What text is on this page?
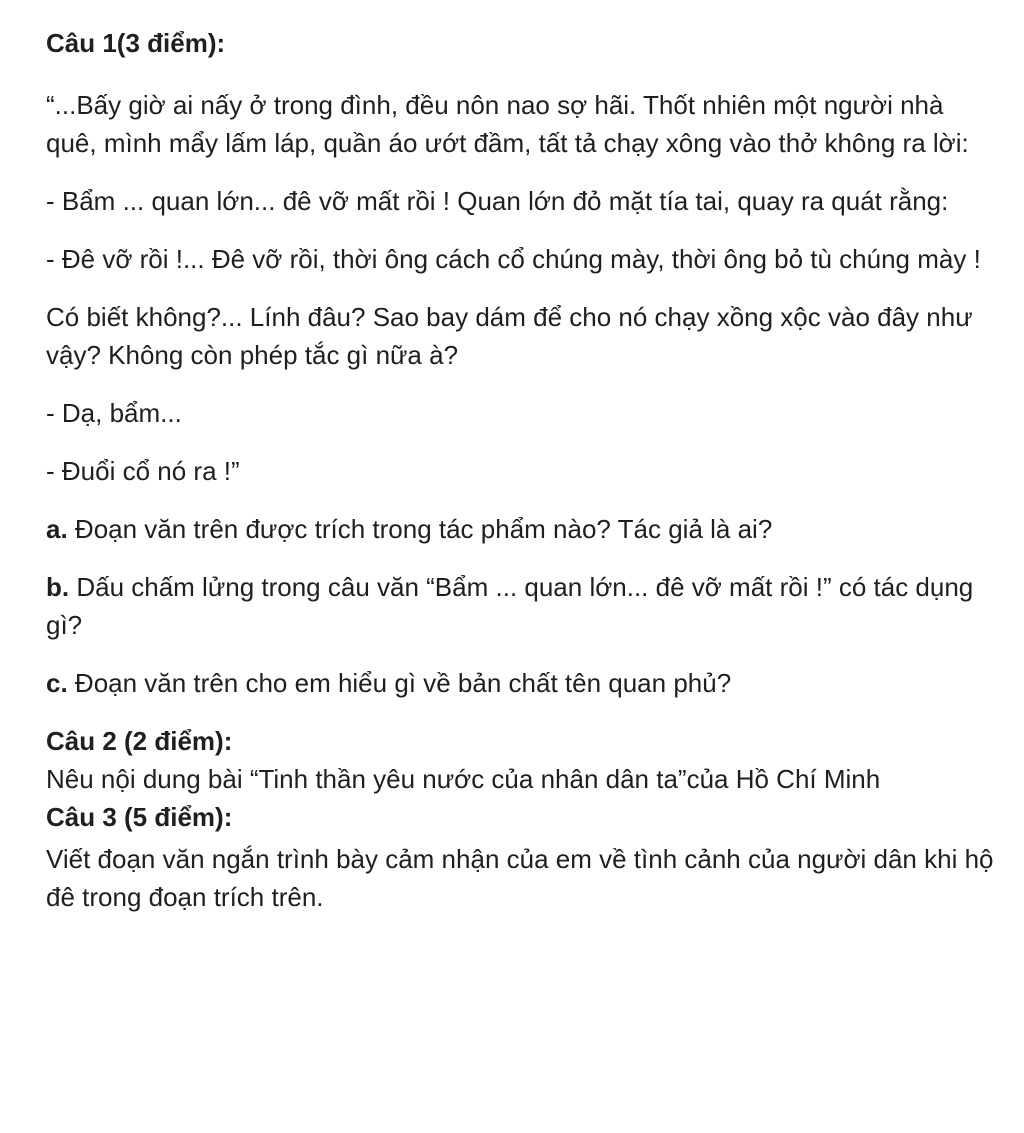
Câu 1(3 điểm):
“...Bấy giờ ai nấy ở trong đình, đều nôn nao sợ hãi. Thốt nhiên một người nhà quê, mình mẩy lấm láp, quần áo ướt đầm, tất tả chạy xông vào thở không ra lời:
- Bẩm ... quan lớn... đê vỡ mất rồi ! Quan lớn đỏ mặt tía tai, quay ra quát rằng:
- Đê vỡ rồi !... Đê vỡ rồi, thời ông cách cổ chúng mày, thời ông bỏ tù chúng mày !
Có biết không?... Lính đâu? Sao bay dám để cho nó chạy xồng xộc vào đây như vậy? Không còn phép tắc gì nữa à?
- Dạ, bẩm...
- Đuổi cổ nó ra !”
a. Đoạn văn trên được trích trong tác phẩm nào? Tác giả là ai?
b. Dấu chấm lửng trong câu văn “Bẩm ... quan lớn... đê vỡ mất rồi !” có tác dụng gì?
c. Đoạn văn trên cho em hiểu gì về bản chất tên quan phủ?
Câu 2 (2 điểm):
Nêu nội dung bài “Tinh thần yêu nước của nhân dân ta”của Hồ Chí Minh
Câu 3 (5 điểm):
Viết đoạn văn ngắn trình bày cảm nhận của em về tình cảnh của người dân khi hộ đê trong đoạn trích trên.
